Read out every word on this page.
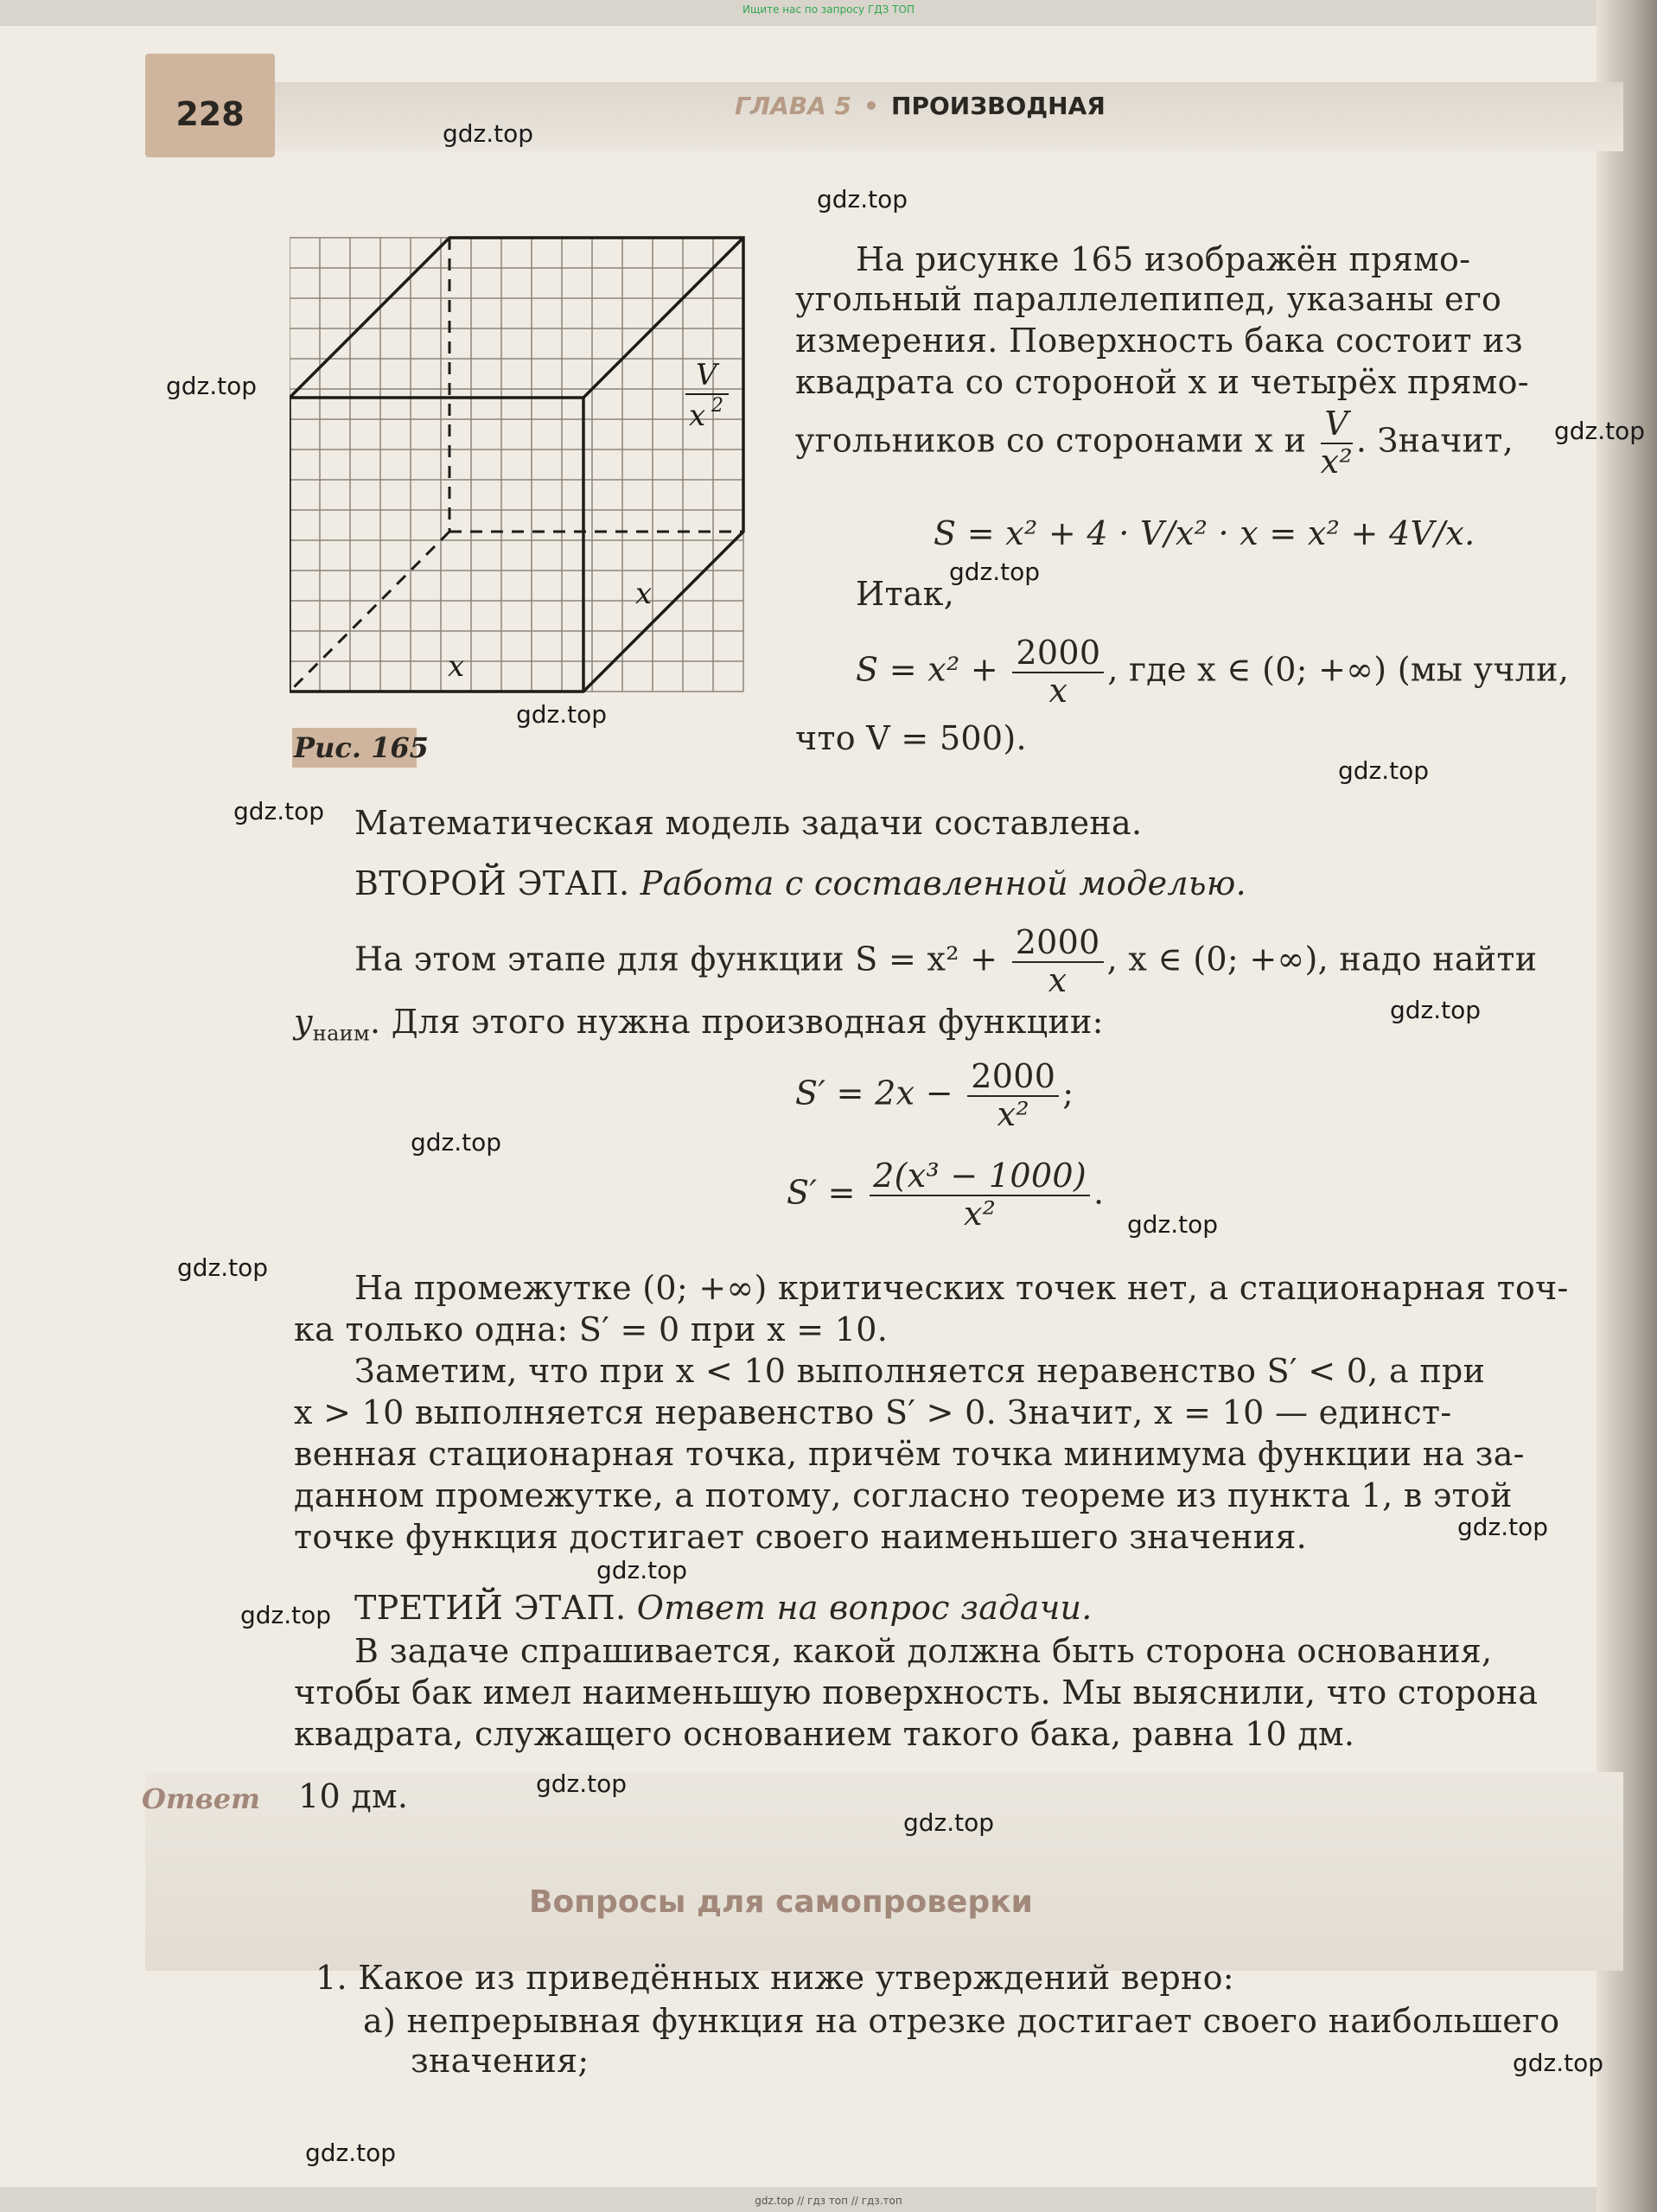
Ищите нас по запросу ГДЗ ТОП
228	ГЛАВА 5 ПРОИЗВОДНАЯ
V
x 2
x
x
Рис. 165
На рисунке 165 изображён прямо-
угольный параллелепипед, указаны его
измерения. Поверхность бака состоит из
квадрата со стороной x и четырёх прямо-
угольников со сторонами x и $\frac{V}{\text{x²}}$ . Значит,
S = x² + 4 · V/x² · x = x² + 4V/x.
Итак,
$S = x^2 + \frac{2000}{x}$ , где x ∈ (0; +∞) (мы учли,
что V = 500).
Математическая модель задачи составлена.
ВТОРОЙ ЭТАП. Работа с составленной моделью.
На этом этапе для функции $S = x^2 + \frac{2000}{x}$ , x ∈ (0; +∞), надо найти
$y_{наим}$. Для этого нужна производная функции:
$S' = 2x - \frac{2000}{\text{x²}}$ ;
$S' = \frac{\text{2(x³ − 1000)}}{\text{x²}}$ .
На промежутке (0; +∞) критических точек нет, а стационарная точ-
ка только одна: S′ = 0 при x = 10.
Заметим, что при x < 10 выполняется неравенство S′ < 0, а при
x > 10 выполняется неравенство S′ > 0. Значит, x = 10 — единст-
венная стационарная точка, причём точка минимума функции на за-
данном промежутке, а потому, согласно теореме из пункта 1, в этой
точке функция достигает своего наименьшего значения.
ТРЕТИЙ ЭТАП. Ответ на вопрос задачи.
В задаче спрашивается, какой должна быть сторона основания,
чтобы бак имел наименьшую поверхность. Мы выяснили, что сторона
квадрата, служащего основанием такого бака, равна 10 дм.
Ответ 10 дм.
Вопросы для самопроверки
1. Какое из приведённых ниже утверждений верно:
а) непрерывная функция на отрезке достигает своего наибольшего
значения;
gdz.top
gdz.top
gdz.top
gdz.top
gdz.top
gdz.top
gdz.top
gdz.top
gdz.top
gdz.top
gdz.top
gdz.top
gdz.top
gdz.top
gdz.top
gdz.top
gdz.top
gdz.top
gdz.top
gdz.top // гдз топ // гдз.топ
